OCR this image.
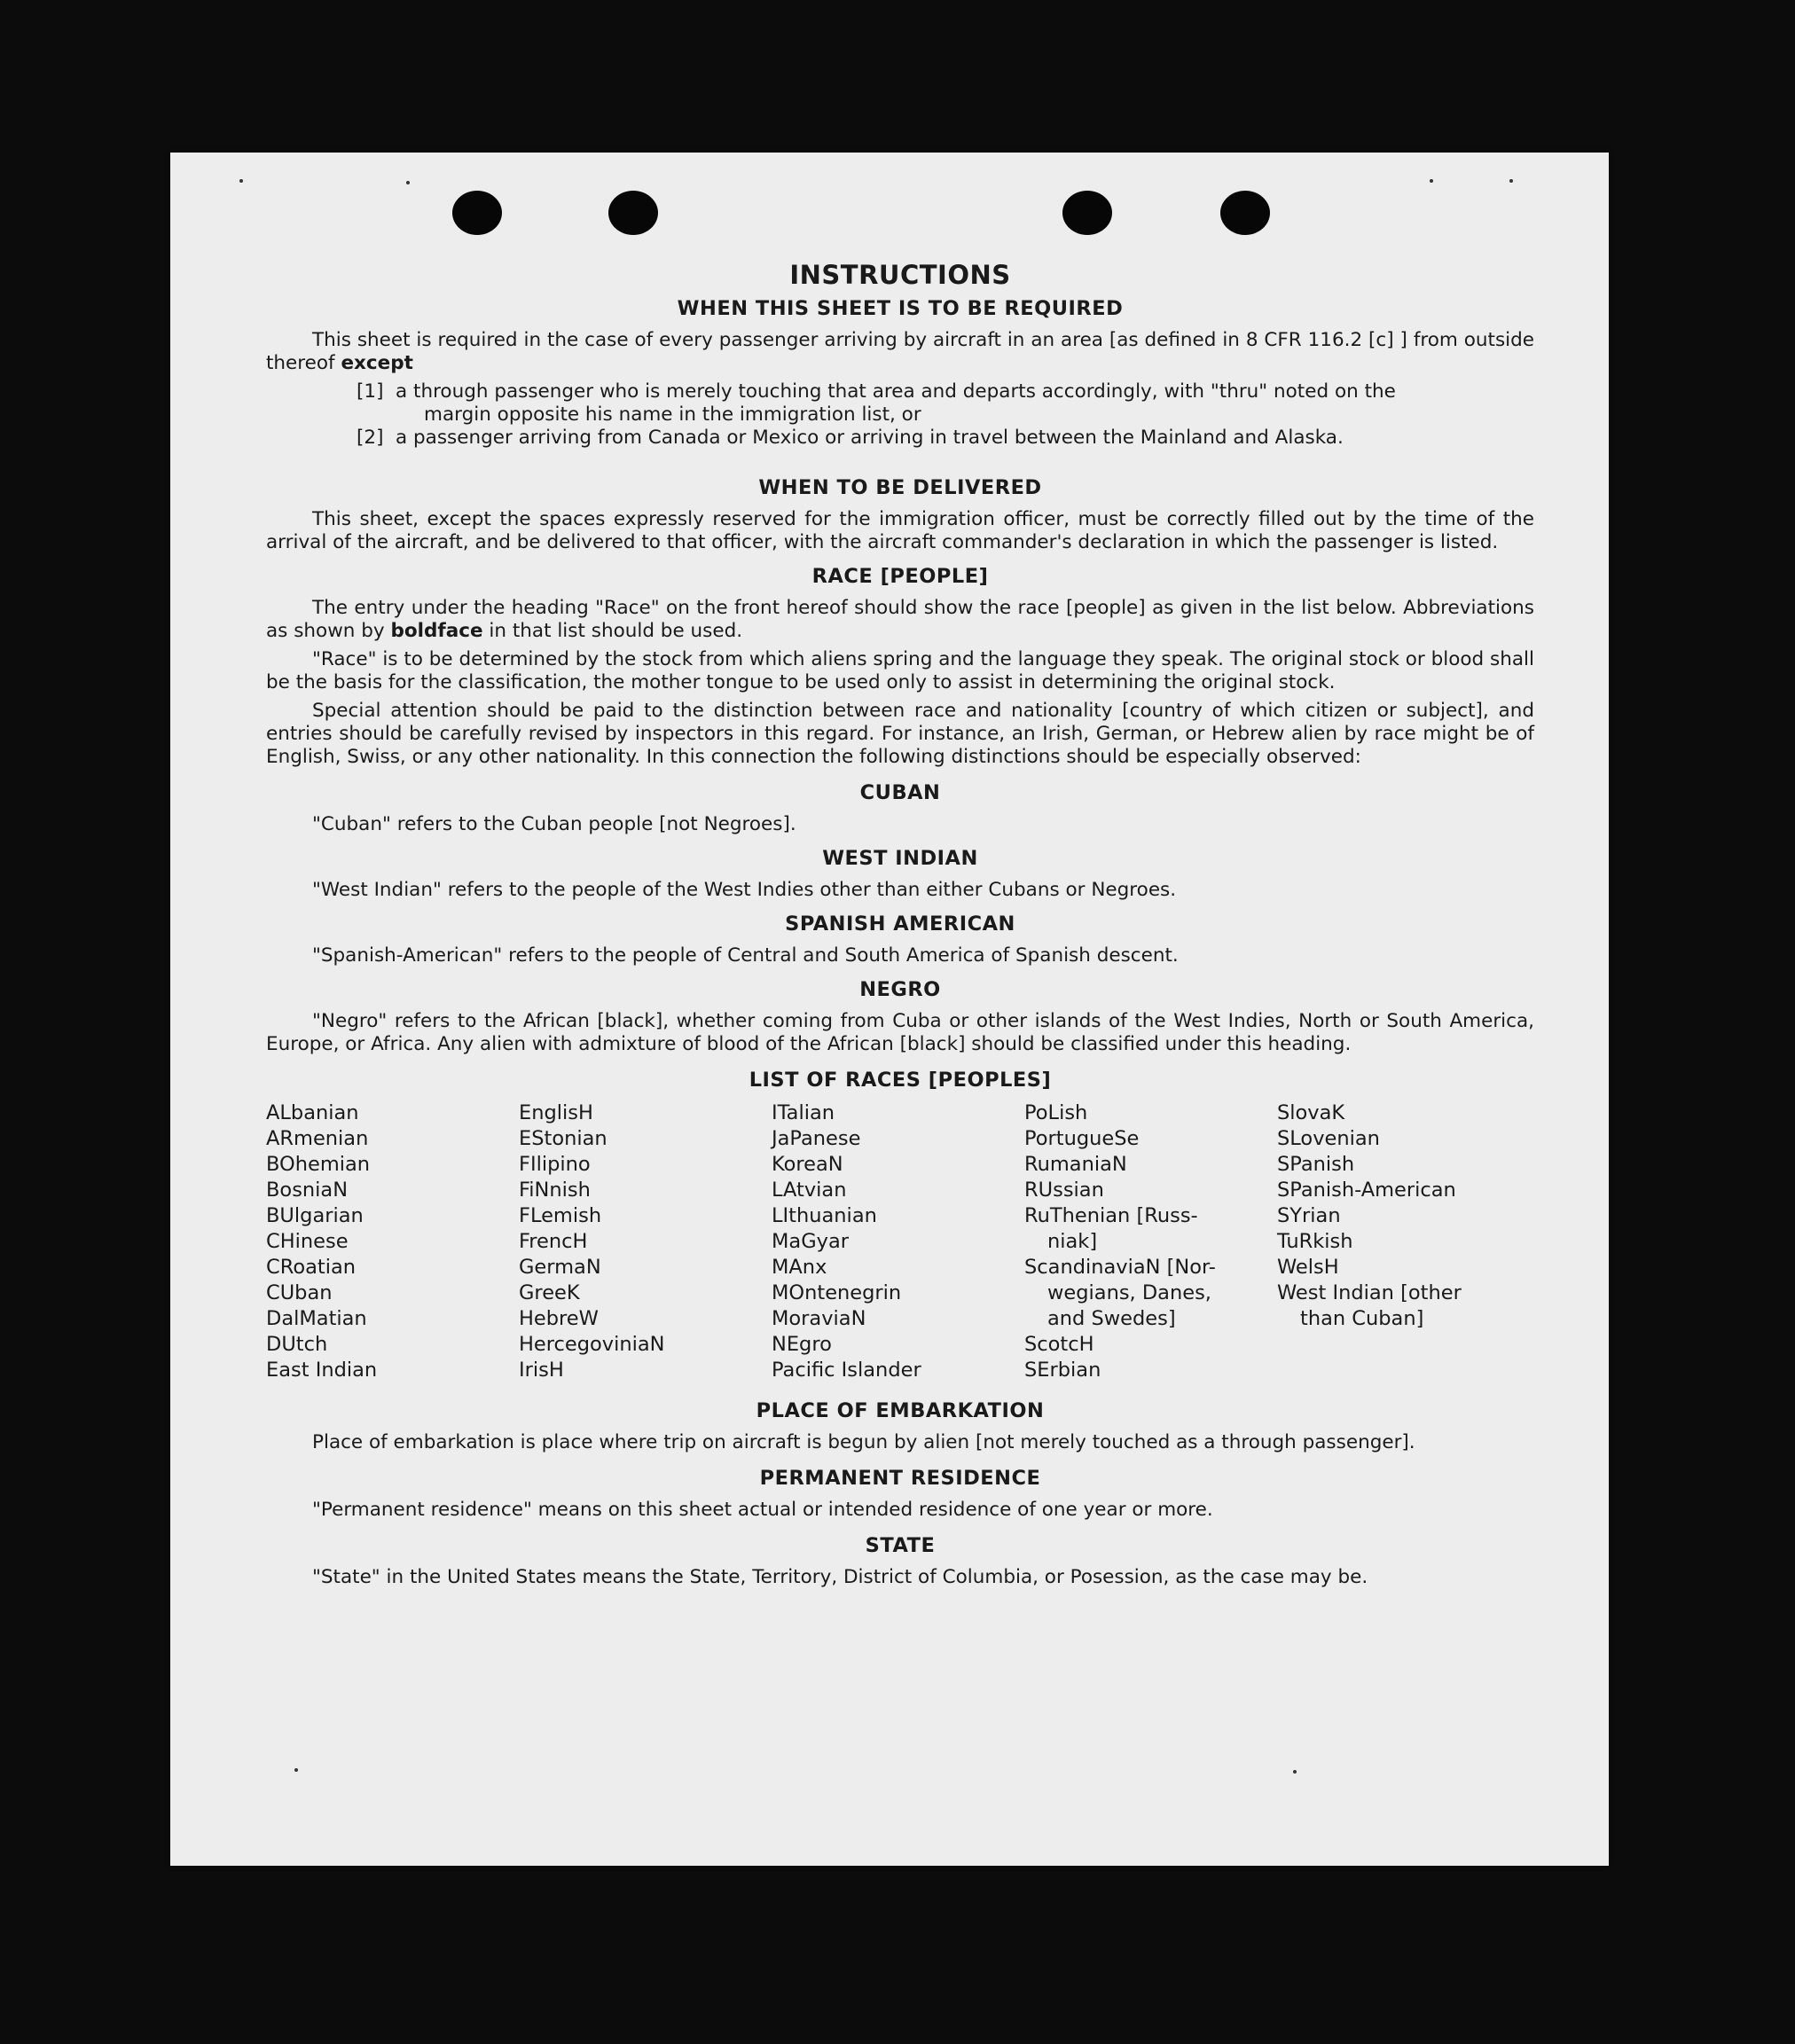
INSTRUCTIONS
WHEN THIS SHEET IS TO BE REQUIRED
This sheet is required in the case of every passenger arriving by aircraft in an area [as defined in 8 CFR 116.2 [c] ] from outside thereof except
[1] a through passenger who is merely touching that area and departs accordingly, with "thru" noted on the
margin opposite his name in the immigration list, or
[2] a passenger arriving from Canada or Mexico or arriving in travel between the Mainland and Alaska.
WHEN TO BE DELIVERED
This sheet, except the spaces expressly reserved for the immigration officer, must be correctly filled out by the time of the arrival of the aircraft, and be delivered to that officer, with the aircraft commander's declaration in which the passenger is listed.
RACE [PEOPLE]
The entry under the heading "Race" on the front hereof should show the race [people] as given in the list below. Abbreviations as shown by boldface in that list should be used.
"Race" is to be determined by the stock from which aliens spring and the language they speak. The original stock or blood shall be the basis for the classification, the mother tongue to be used only to assist in determining the original stock.
Special attention should be paid to the distinction between race and nationality [country of which citizen or subject], and entries should be carefully revised by inspectors in this regard. For instance, an Irish, German, or Hebrew alien by race might be of English, Swiss, or any other nationality. In this connection the following distinctions should be especially observed:
CUBAN
"Cuban" refers to the Cuban people [not Negroes].
WEST INDIAN
"West Indian" refers to the people of the West Indies other than either Cubans or Negroes.
SPANISH AMERICAN
"Spanish-American" refers to the people of Central and South America of Spanish descent.
NEGRO
"Negro" refers to the African [black], whether coming from Cuba or other islands of the West Indies, North or South America, Europe, or Africa. Any alien with admixture of blood of the African [black] should be classified under this heading.
LIST OF RACES [PEOPLES]
ALbanian
ARmenian
BOhemian
BosniaN
BUlgarian
CHinese
CRoatian
CUban
DalMatian
DUtch
East Indian
EnglisH
EStonian
FIlipino
FiNnish
FLemish
FrencH
GermaN
GreeK
HebreW
HercegoviniaN
IrisH
ITalian
JaPanese
KoreaN
LAtvian
LIthuanian
MaGyar
MAnx
MOntenegrin
MoraviaN
NEgro
Pacific Islander
PoLish
PortugueSe
RumaniaN
RUssian
RuThenian [Russ-
niak]
ScandinaviaN [Nor-
wegians, Danes,
and Swedes]
ScotcH
SErbian
SlovaK
SLovenian
SPanish
SPanish-American
SYrian
TuRkish
WelsH
West Indian [other
than Cuban]
PLACE OF EMBARKATION
Place of embarkation is place where trip on aircraft is begun by alien [not merely touched as a through passenger].
PERMANENT RESIDENCE
"Permanent residence" means on this sheet actual or intended residence of one year or more.
STATE
"State" in the United States means the State, Territory, District of Columbia, or Posession, as the case may be.
